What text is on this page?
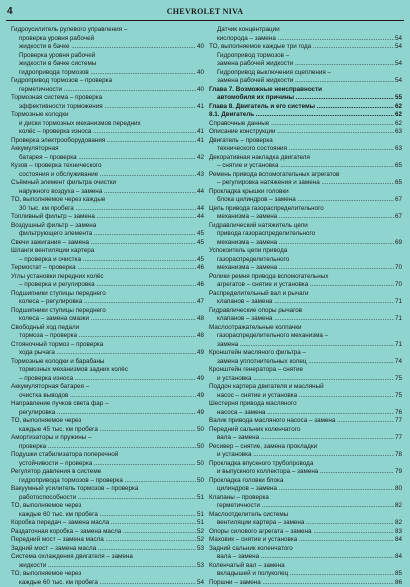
4	CHEVROLET NIVA
Гидроусилитель рулевого управления –
проверка уровня рабочей
жидкости в бачке .....	40
Проверка уровня рабочей
жидкости в бачке системы
гидропривода тормозов .....	40
Гидропривод тормозов – проверка
герметичности .....	40
Тормозная система – проверка
эффективности торможения .....	41
Тормозные колодки
и диски тормозных механизмов передних
колёс – проверка износа .....	41
Проверка электрооборудования .....	41
Аккумуляторная
батарея – проверка .....	42
Кузов – проверка технического
состояния и обслуживание .....	43
Съёмный элемент фильтра очистки
наружного воздуха – замена .....	44
ТО, выполняемое через каждые
30 тыс. км пробега .....	44
Топливный фильтр – замена .....	44
Воздушный фильтр – замена
фильтрующего элемента .....	45
Свечи зажигания – замена .....	45
Шланги вентиляции картера
– проверка и очистка .....	45
Термостат – проверка .....	46
Углы установки передних колёс
– проверка и регулировка .....	46
Подшипники ступицы переднего
колеса – регулировка .....	47
Подшипники ступицы переднего
колеса – замена смазки .....	48
Свободный ход педали
тормоза – проверка .....	48
Стояночный тормоз – проверка
хода рычага .....	49
Тормозные колодки и барабаны
тормозных механизмов задних колёс
– проверка износа .....	49
Аккумуляторная батарея –
очистка выводов .....	49
Направление пучков света фар –
регулировка .....	49
ТО, выполняемое через
каждые 45 тыс. км пробега .....	50
Амортизаторы и пружины –
проверка .....	50
Подушки стабилизатора поперечной
устойчивости – проверка .....	50
Регулятор давления в системе
гидропривода тормозов – проверка .....	50
Вакуумный усилитель тормозов – проверка
работоспособности .....	51
ТО, выполняемое через
каждые 60 тыс. км пробега .....	51
Коробка передач – замена масла .....	51
Раздаточная коробка – замена масла .....	52
Передний мост – замена масла .....	52
Задний мост – замена масла .....	53
Система охлаждения двигателя – замена
жидкости .....	53
ТО, выполняемое через
каждые 60 тыс. км пробега .....	54
Датчик концентрации
кислорода – замена .....	54
ТО, выполняемое каждые три года .....	54
Гидропривод тормозов –
замена рабочей жидкости .....	54
Гидропривод выключения сцепления –
замена рабочей жидкости .....	54
Глава 7. Возможные неисправности
автомобиля их причины .....	55
Глава 8. Двигатель и его системы .....	62
8.1. Двигатель .....	62
Справочные данные .....	62
Описание конструкции .....	63
Двигатель – проверка
технического состояния .....	63
Декоративная накладка двигателя
– снятие и установка .....	65
Ремень привода вспомогательных агрегатов
– регулировка натяжения и замена .....	65
Прокладка крышки головки
блока цилиндров – замена .....	67
Цепь привода газораспределительного
механизма – замена .....	67
Гидравлический натяжитель цепи
привода газораспределительного
механизма – замена .....	69
Успокоитель цепи привода
газораспределительного
механизма – замена .....	70
Ролики ремня привода вспомогательных
агрегатов – снятие и установка .....	70
Распределительный вал и рычаги
клапанов – замена .....	71
Гидравлические опоры рычагов
клапанов – замена .....	71
Маслоотражательные колпачки
газораспределительного механизма –
замена .....	71
Кронштейн масляного фильтра –
замена уплотнительных колец .....	74
Кронштейн генератора – снятие
и установка .....	75
Поддон картера двигателя и масляный
насос – снятие и установка .....	75
Шестерня привода масляного
насоса – замена .....	76
Валик привода масляного насоса – замена .....	77
Передний сальник коленчатого
вала – замена .....	77
Ресивер – снятие, замена прокладки
и установка .....	78
Прокладка впускного трубопровода
и выпускного коллектора – замена .....	79
Прокладка головки блока
цилиндров – замена .....	80
Клапаны – проверка
герметичности .....	82
Маслоотделитель системы
вентиляции картера – замена .....	82
Опоры силового агрегата – замена .....	83
Маховик – снятие и установка .....	84
Задний сальник коленчатого
вала – замена .....	84
Коленчатый вал – замена
вкладышей и полуколец .....	85
Поршни – замена .....	86
